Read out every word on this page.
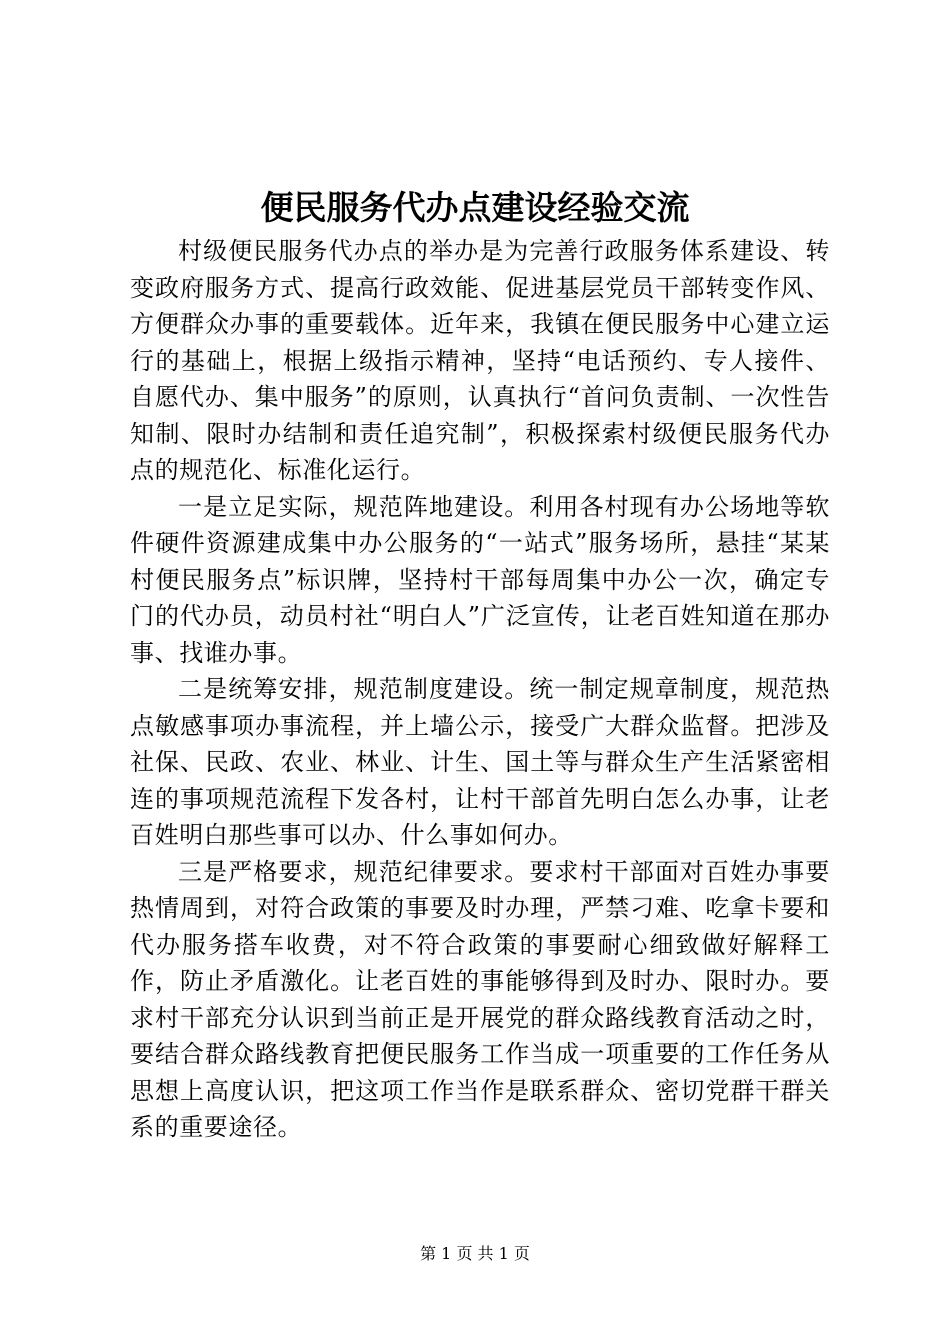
便民服务代办点建设经验交流

村级便民服务代办点的举办是为完善行政服务体系建设、转变政府服务方式、提高行政效能、促进基层党员干部转变作风、方便群众办事的重要载体。近年来，我镇在便民服务中心建立运行的基础上，根据上级指示精神，坚持“电话预约、专人接件、自愿代办、集中服务”的原则，认真执行“首问负责制、一次性告知制、限时办结制和责任追究制”，积极探索村级便民服务代办点的规范化、标准化运行。

一是立足实际，规范阵地建设。利用各村现有办公场地等软件硬件资源建成集中办公服务的“一站式”服务场所，悬挂“某某村便民服务点”标识牌，坚持村干部每周集中办公一次，确定专门的代办员，动员村社“明白人”广泛宣传，让老百姓知道在那办事、找谁办事。

二是统筹安排，规范制度建设。统一制定规章制度，规范热点敏感事项办事流程，并上墙公示，接受广大群众监督。把涉及社保、民政、农业、林业、计生、国土等与群众生产生活紧密相连的事项规范流程下发各村，让村干部首先明白怎么办事，让老百姓明白那些事可以办、什么事如何办。

三是严格要求，规范纪律要求。要求村干部面对百姓办事要热情周到，对符合政策的事要及时办理，严禁刁难、吃拿卡要和代办服务搭车收费，对不符合政策的事要耐心细致做好解释工作，防止矛盾激化。让老百姓的事能够得到及时办、限时办。要求村干部充分认识到当前正是开展党的群众路线教育活动之时，要结合群众路线教育把便民服务工作当成一项重要的工作任务从思想上高度认识，把这项工作当作是联系群众、密切党群干群关系的重要途径。

第 1 页 共 1 页
